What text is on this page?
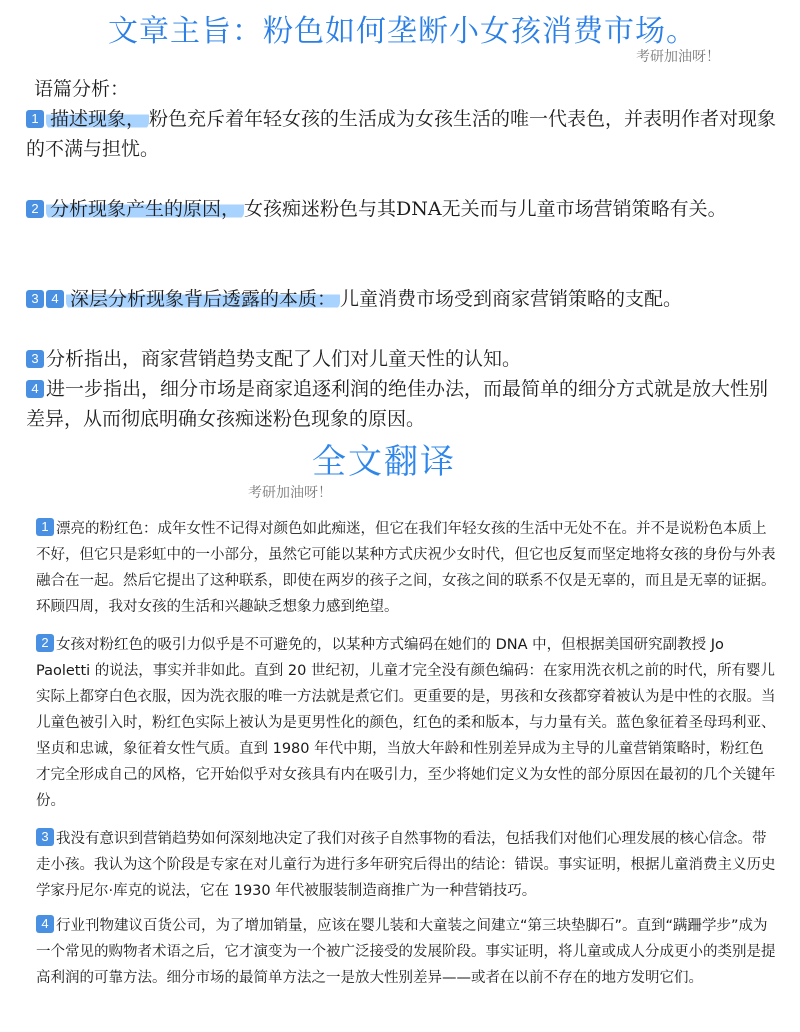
文章主旨：粉色如何垄断小女孩消费市场。
考研加油呀！
语篇分析：
1 描述现象， 粉色充斥着年轻女孩的生活成为女孩生活的唯一代表色，并表明作者对现象的不满与担忧。
2 分析现象产生的原因， 女孩痴迷粉色与其DNA无关而与儿童市场营销策略有关。
3 4 深层分析现象背后透露的本质： 儿童消费市场受到商家营销策略的支配。
3 分析指出，商家营销趋势支配了人们对儿童天性的认知。
4 进一步指出，细分市场是商家追逐利润的绝佳办法，而最简单的细分方式就是放大性别差异，从而彻底明确女孩痴迷粉色现象的原因。
全文翻译
考研加油呀！
1 漂亮的粉红色：成年女性不记得对颜色如此痴迷，但它在我们年轻女孩的生活中无处不在。并不是说粉色本质上不好，但它只是彩虹中的一小部分，虽然它可能以某种方式庆祝少女时代，但它也反复而坚定地将女孩的身份与外表融合在一起。然后它提出了这种联系，即使在两岁的孩子之间，女孩之间的联系不仅是无辜的，而且是无辜的证据。环顾四周，我对女孩的生活和兴趣缺乏想象力感到绝望。
2 女孩对粉红色的吸引力似乎是不可避免的，以某种方式编码在她们的 DNA 中，但根据美国研究副教授 Jo Paoletti 的说法，事实并非如此。直到 20 世纪初，儿童才完全没有颜色编码：在家用洗衣机之前的时代，所有婴儿实际上都穿白色衣服，因为洗衣服的唯一方法就是煮它们。更重要的是，男孩和女孩都穿着被认为是中性的衣服。当儿童色被引入时，粉红色实际上被认为是更男性化的颜色，红色的柔和版本，与力量有关。蓝色象征着圣母玛利亚、坚贞和忠诚，象征着女性气质。直到 1980 年代中期，当放大年龄和性别差异成为主导的儿童营销策略时，粉红色才完全形成自己的风格，它开始似乎对女孩具有内在吸引力，至少将她们定义为女性的部分原因在最初的几个关键年份。
3 我没有意识到营销趋势如何深刻地决定了我们对孩子自然事物的看法，包括我们对他们心理发展的核心信念。带走小孩。我认为这个阶段是专家在对儿童行为进行多年研究后得出的结论：错误。事实证明，根据儿童消费主义历史学家丹尼尔·库克的说法，它在 1930 年代被服装制造商推广为一种营销技巧。
4 行业刊物建议百货公司，为了增加销量，应该在婴儿装和大童装之间建立“第三块垫脚石”。直到“蹒跚学步”成为一个常见的购物者术语之后，它才演变为一个被广泛接受的发展阶段。事实证明，将儿童或成人分成更小的类别是提高利润的可靠方法。细分市场的最简单方法之一是放大性别差异——或者在以前不存在的地方发明它们。
